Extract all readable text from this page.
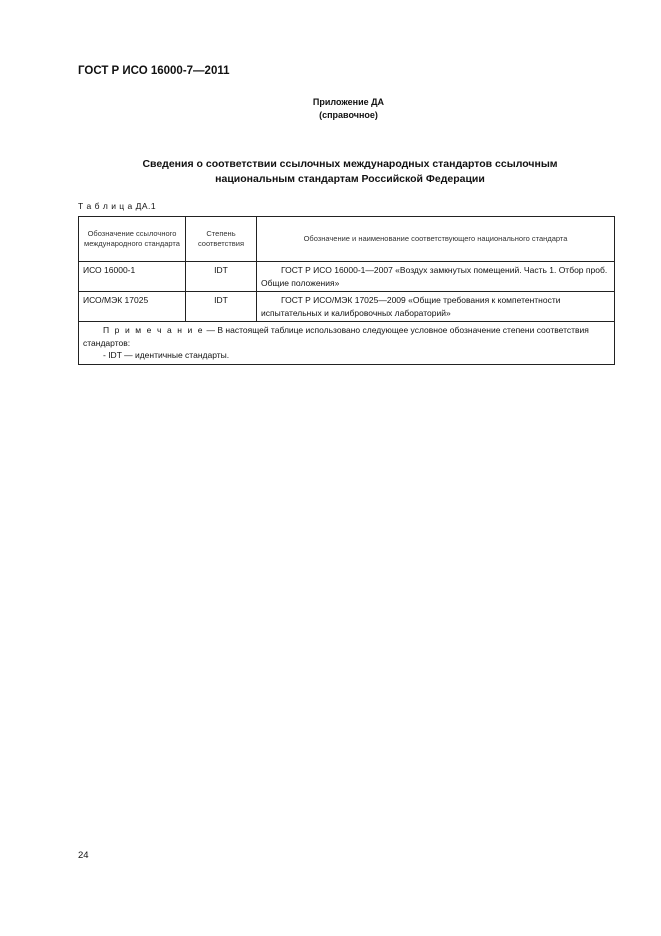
ГОСТ Р ИСО 16000-7—2011
Приложение ДА
(справочное)
Сведения о соответствии ссылочных международных стандартов ссылочным
национальным стандартам Российской Федерации
Т а б л и ц а ДА.1
Обозначение ссылочного международного стандарта	Степень соответствия	Обозначение и наименование соответствующего национального стандарта
ИСО 16000-1	IDT	ГОСТ Р ИСО 16000-1—2007 «Воздух замкнутых помещений. Часть 1. Отбор проб. Общие положения»
ИСО/МЭК 17025	IDT	ГОСТ Р ИСО/МЭК 17025—2009 «Общие требования к компетентности испытательных и калибровочных лабораторий»

П р и м е ч а н и е — В настоящей таблице использовано следующее условное обозначение степени соответствия стандартов:
- IDT — идентичные стандарты.		
24
